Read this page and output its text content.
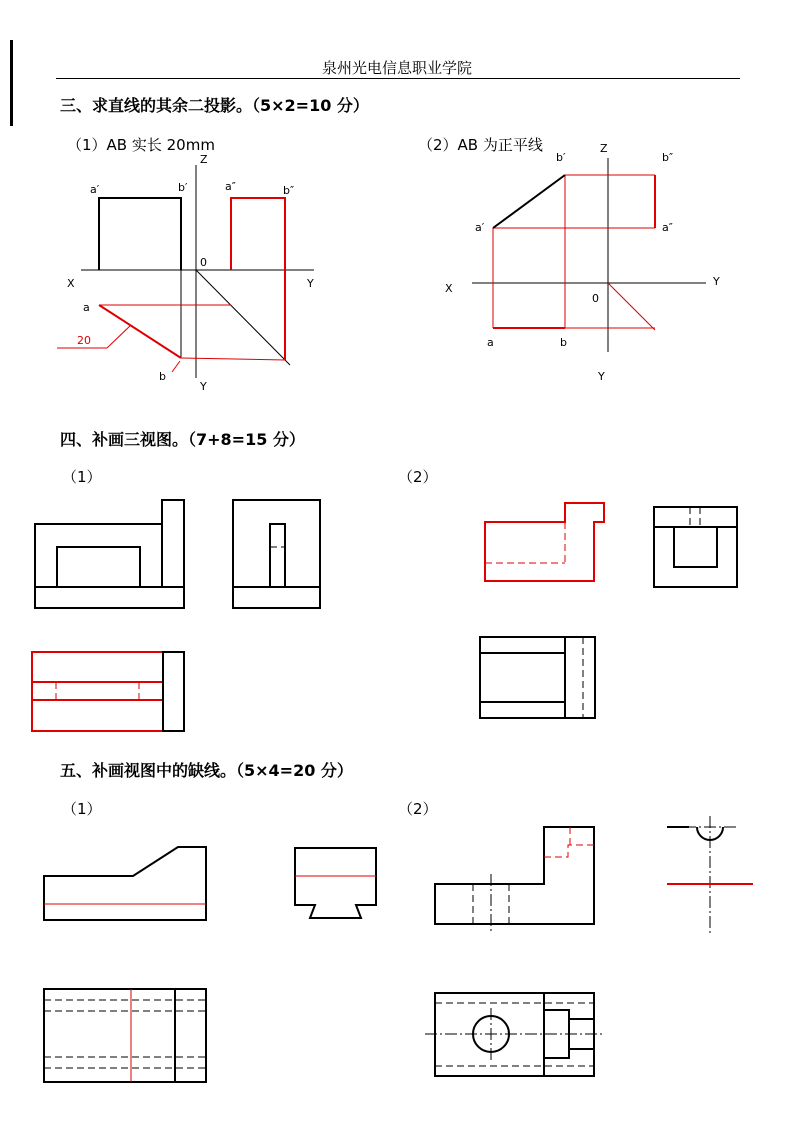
泉州光电信息职业学院
三、求直线的其余二投影。（5×2=10 分）
（1）AB 实长 20mm	（2）AB 为正平线
四、补画三视图。（7+8=15 分）
（1）	（2）
五、补画视图中的缺线。（5×4=20 分）
（1）	（2）
Z
X	Y
Y
0
a′	b′	a″	b″
a
b
20
Z
X
Y
Y
0
a′
b′
a″
b″
a	b
